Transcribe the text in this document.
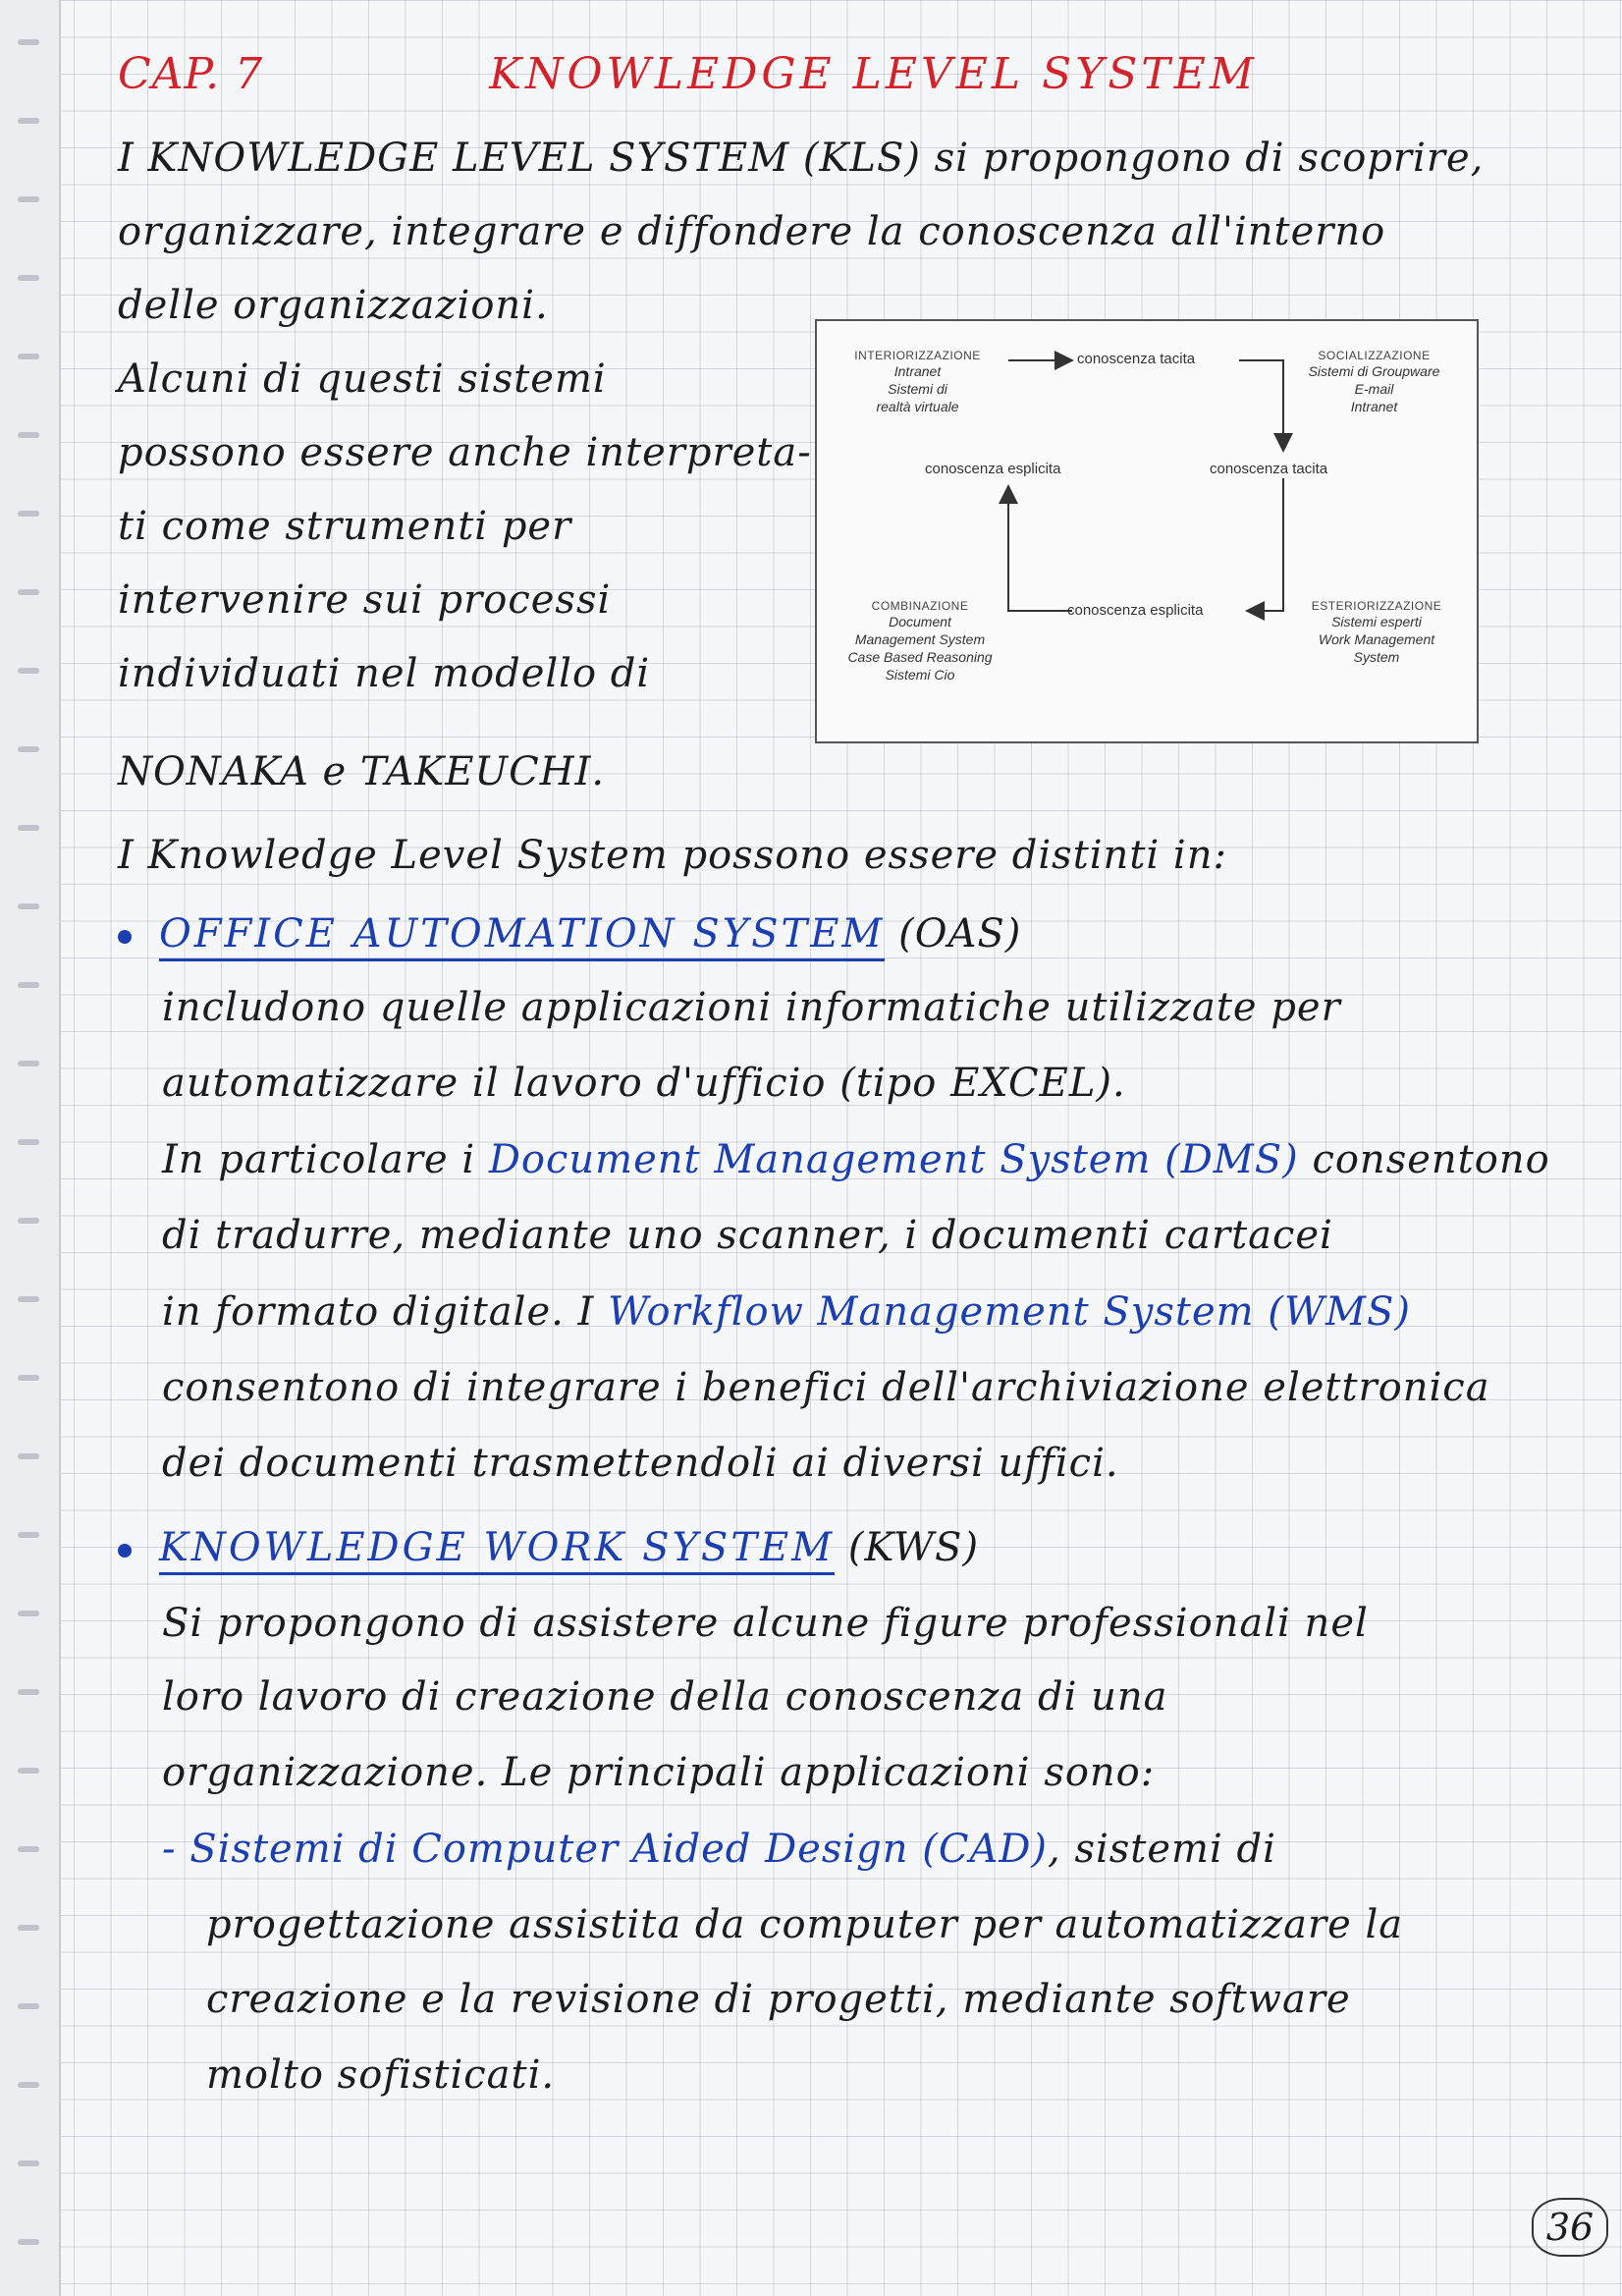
CAP. 7	KNOWLEDGE LEVEL SYSTEM
I KNOWLEDGE LEVEL SYSTEM (KLS) si propongono di scoprire,
organizzare, integrare e diffondere la conoscenza all'interno
delle organizzazioni.
Alcuni di questi sistemi
possono essere anche interpreta-
ti come strumenti per
intervenire sui processi
individuati nel modello di
NONAKA e TAKEUCHI.
INTERIORIZZAZIONE
Intranet
Sistemi di
realtà virtuale
SOCIALIZZAZIONE
Sistemi di Groupware
E-mail
Intranet
COMBINAZIONE
Document
Management System
Case Based Reasoning
Sistemi Cio
ESTERIORIZZAZIONE
Sistemi esperti
Work Management
System
conoscenza tacita
conoscenza esplicita	conoscenza tacita
conoscenza esplicita
I Knowledge Level System possono essere distinti in:
OFFICE AUTOMATION SYSTEM (OAS)
includono quelle applicazioni informatiche utilizzate per
automatizzare il lavoro d'ufficio (tipo EXCEL).
In particolare i Document Management System (DMS) consentono
di tradurre, mediante uno scanner, i documenti cartacei
in formato digitale. I Workflow Management System (WMS)
consentono di integrare i benefici dell'archiviazione elettronica
dei documenti trasmettendoli ai diversi uffici.
KNOWLEDGE WORK SYSTEM (KWS)
Si propongono di assistere alcune figure professionali nel
loro lavoro di creazione della conoscenza di una
organizzazione. Le principali applicazioni sono:
- Sistemi di Computer Aided Design (CAD), sistemi di
progettazione assistita da computer per automatizzare la
creazione e la revisione di progetti, mediante software
molto sofisticati.
36
